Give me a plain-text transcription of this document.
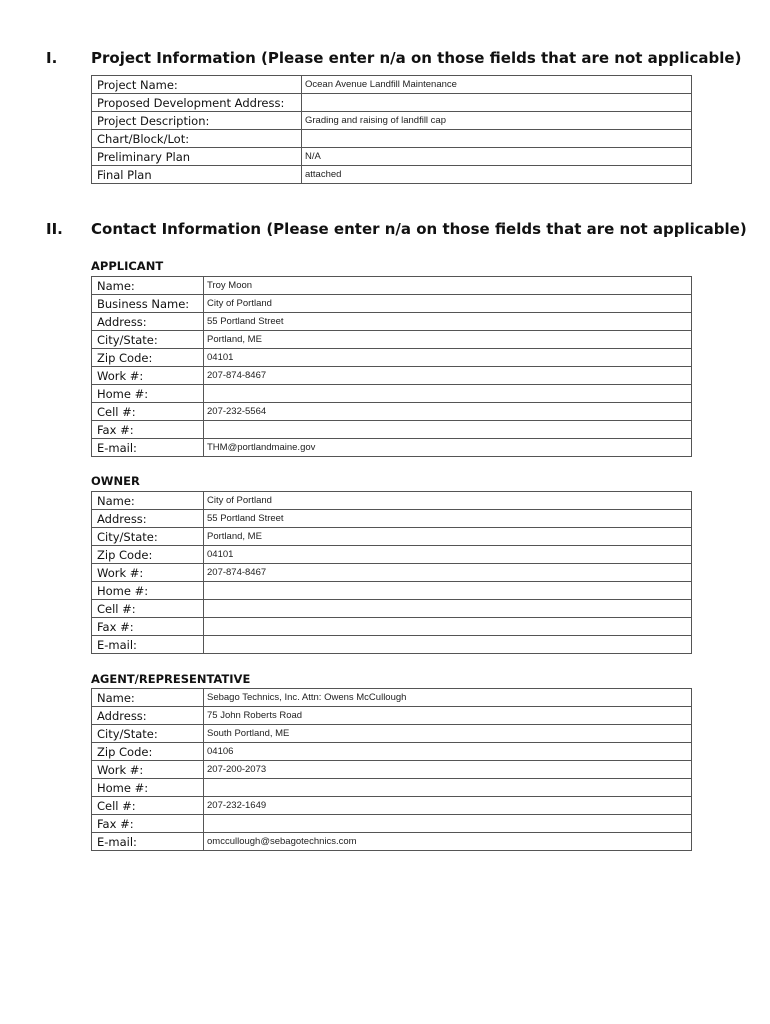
I. Project Information (Please enter n/a on those fields that are not applicable)
Project Name:	Ocean Avenue Landfill Maintenance
Proposed Development Address:	
Project Description:	Grading and raising of landfill cap
Chart/Block/Lot:	
Preliminary Plan	N/A
Final Plan	attached
II. Contact Information (Please enter n/a on those fields that are not applicable)
APPLICANT
Name:	Troy Moon
Business Name:	City of Portland
Address:	55 Portland Street
City/State:	Portland, ME
Zip Code:	04101
Work #:	207-874-8467
Home #:	
Cell #:	207-232-5564
Fax #:	
E-mail:	THM@portlandmaine.gov
OWNER
Name:	City of Portland
Address:	55 Portland Street
City/State:	Portland, ME
Zip Code:	04101
Work #:	207-874-8467
Home #:	
Cell #:	
Fax #:	
E-mail:	
AGENT/REPRESENTATIVE
Name:	Sebago Technics, Inc. Attn: Owens McCullough
Address:	75 John Roberts Road
City/State:	South Portland, ME
Zip Code:	04106
Work #:	207-200-2073
Home #:	
Cell #:	207-232-1649
Fax #:	
E-mail:	omccullough@sebagotechnics.com
